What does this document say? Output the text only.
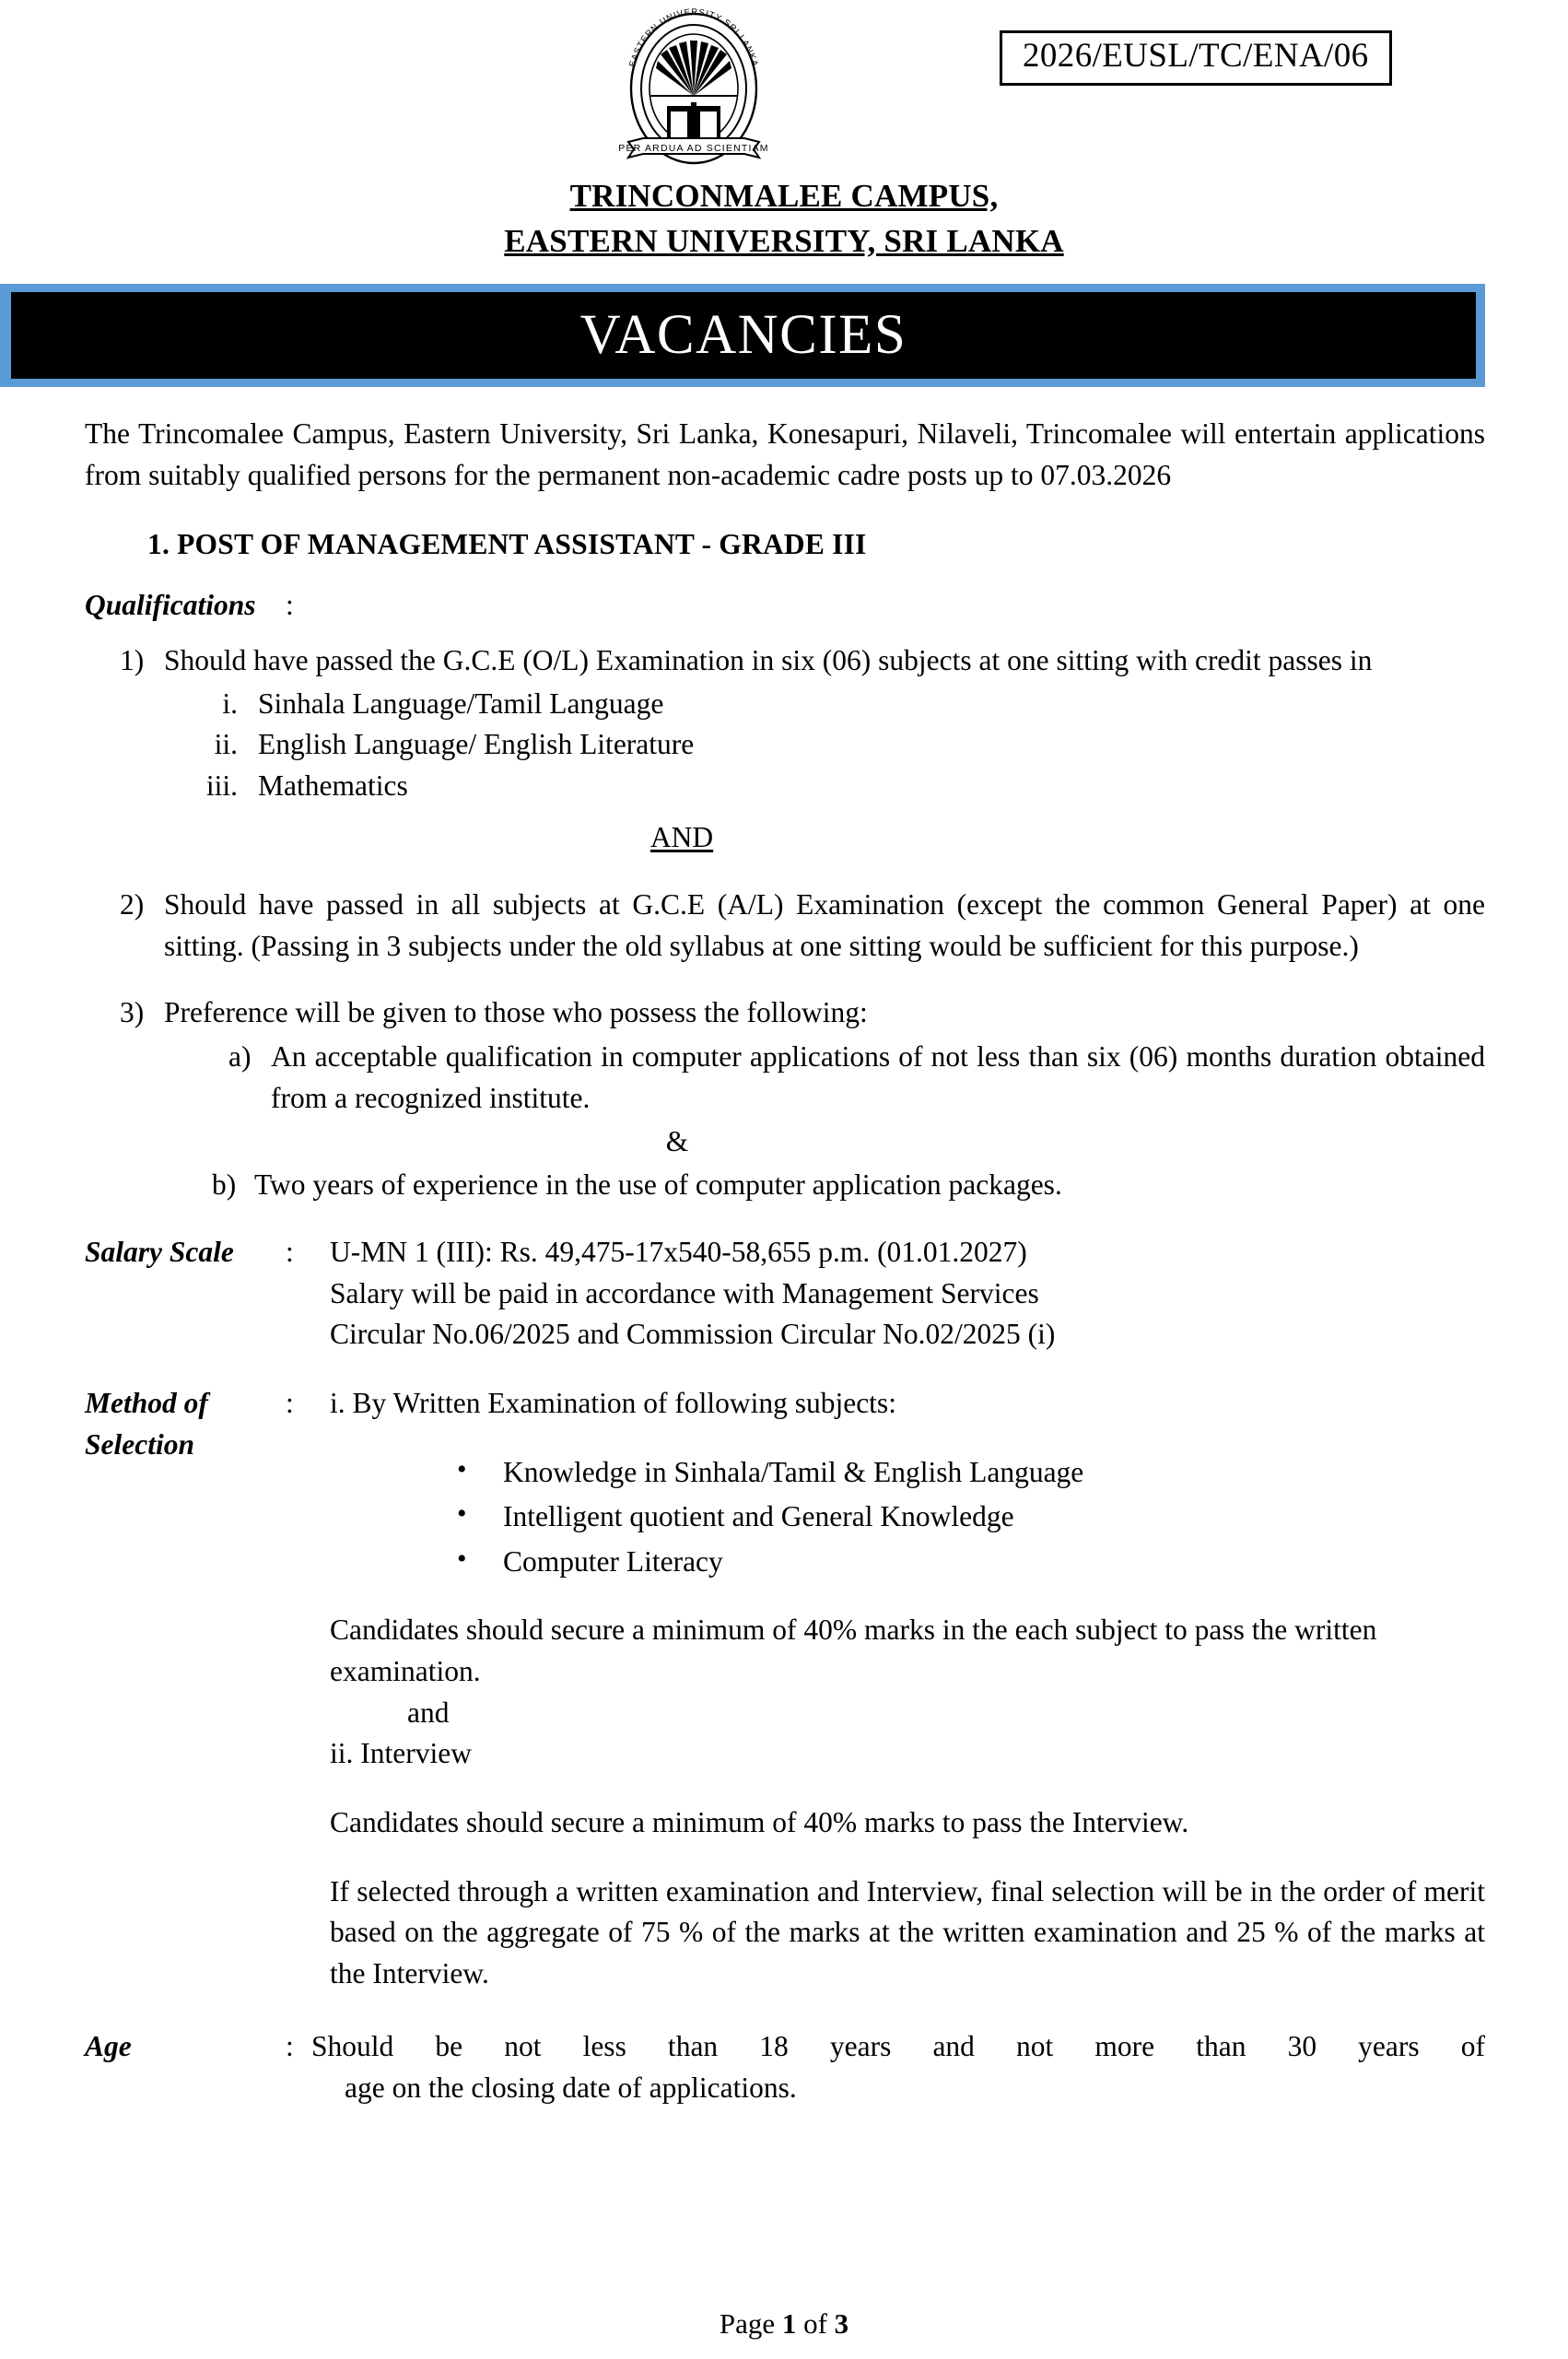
EASTERN UNIVERSITY SRI LANKA
PER ARDUA AD SCIENTIAM
2026/EUSL/TC/ENA/06
TRINCONMALEE CAMPUS,
EASTERN UNIVERSITY, SRI LANKA
VACANCIES
The Trincomalee Campus, Eastern University, Sri Lanka, Konesapuri, Nilaveli, Trincomalee will entertain applications from suitably qualified persons for the permanent non-academic cadre posts up to 07.03.2026
1. POST OF MANAGEMENT ASSISTANT - GRADE III
Qualifications	:
1) Should have passed the G.C.E (O/L) Examination in six (06) subjects at one sitting with credit passes in
i. Sinhala Language/Tamil Language
ii. English Language/ English Literature
iii. Mathematics
AND
2) Should have passed in all subjects at G.C.E (A/L) Examination (except the common General Paper) at one sitting. (Passing in 3 subjects under the old syllabus at one sitting would be sufficient for this purpose.)
3) Preference will be given to those who possess the following:
a) An acceptable qualification in computer applications of not less than six (06) months duration obtained from a recognized institute.
&
b) Two years of experience in the use of computer application packages.
Salary Scale	:	U-MN 1 (III): Rs. 49,475-17x540-58,655 p.m. (01.01.2027)
Salary will be paid in accordance with Management Services
Circular No.06/2025 and Commission Circular No.02/2025 (i)
Method of Selection
:	i. By Written Examination of following subjects:
• Knowledge in Sinhala/Tamil & English Language
• Intelligent quotient and General Knowledge
• Computer Literacy
Candidates should secure a minimum of 40% marks in the each subject to pass the written examination.
and
ii. Interview
Candidates should secure a minimum of 40% marks to pass the Interview.
If selected through a written examination and Interview, final selection will be in the order of merit based on the aggregate of 75 % of the marks at the written examination and 25 % of the marks at the Interview.
Age	: Should be not less than 18 years and not more than 30 years of
age on the closing date of applications.
Page 1 of 3
